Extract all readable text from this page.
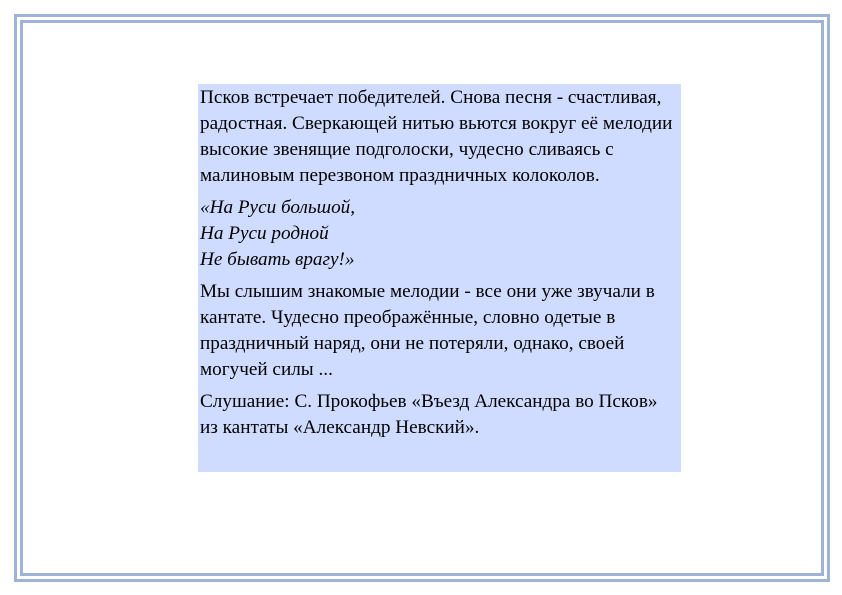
Псков встречает победителей. Снова песня - счастливая, радостная. Сверкающей нитью вьются вокруг её мелодии высокие звенящие подголоски, чудесно сливаясь с малиновым перезвоном праздничных колоколов.

«На Руси большой,
На Руси родной
Не бывать врагу!»

Мы слышим знакомые мелодии - все они уже звучали в кантате. Чудесно преображённые, словно одетые в праздничный наряд, они не потеряли, однако, своей могучей силы ...

Слушание: С. Прокофьев «Въезд Александра во Псков» из кантаты «Александр Невский».
